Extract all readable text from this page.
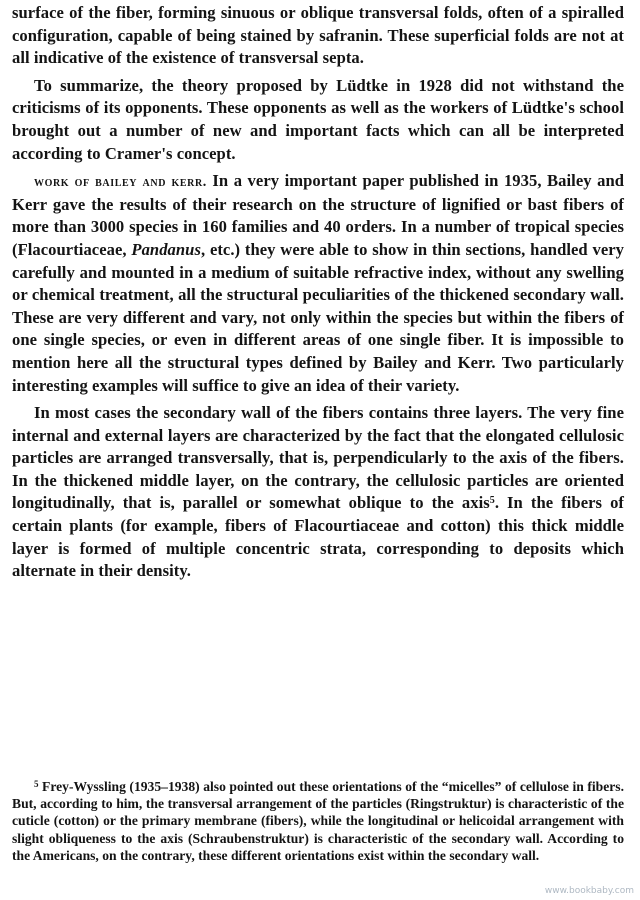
surface of the fiber, forming sinuous or oblique transversal folds, often of a spiralled configuration, capable of being stained by safranin. These superficial folds are not at all indicative of the existence of transversal septa.

To summarize, the theory proposed by Lüdtke in 1928 did not withstand the criticisms of its opponents. These opponents as well as the workers of Lüdtke's school brought out a number of new and important facts which can all be interpreted according to Cramer's concept.

work of bailey and kerr. In a very important paper published in 1935, Bailey and Kerr gave the results of their research on the structure of lignified or bast fibers of more than 3000 species in 160 families and 40 orders. In a number of tropical species (Flacourtiaceae, Pandanus, etc.) they were able to show in thin sections, handled very carefully and mounted in a medium of suitable refractive index, without any swelling or chemical treatment, all the structural peculiarities of the thickened secondary wall. These are very different and vary, not only within the species but within the fibers of one single species, or even in different areas of one single fiber. It is impossible to mention here all the structural types defined by Bailey and Kerr. Two particularly interesting examples will suffice to give an idea of their variety.

In most cases the secondary wall of the fibers contains three layers. The very fine internal and external layers are characterized by the fact that the elongated cellulosic particles are arranged transversally, that is, perpendicularly to the axis of the fibers. In the thickened middle layer, on the contrary, the cellulosic particles are oriented longitudinally, that is, parallel or somewhat oblique to the axis$^5$. In the fibers of certain plants (for example, fibers of Flacourtiaceae and cotton) this thick middle layer is formed of multiple concentric strata, corresponding to deposits which alternate in their density.

$^5$ Frey-Wyssling (1935–1938) also pointed out these orientations of the “micelles” of cellulose in fibers. But, according to him, the transversal arrangement of the particles (Ringstruktur) is characteristic of the cuticle (cotton) or the primary membrane (fibers), while the longitudinal or helicoidal arrangement with slight obliqueness to the axis (Schraubenstruktur) is characteristic of the secondary wall. According to the Americans, on the contrary, these different orientations exist within the secondary wall.

www.bookbaby.com
